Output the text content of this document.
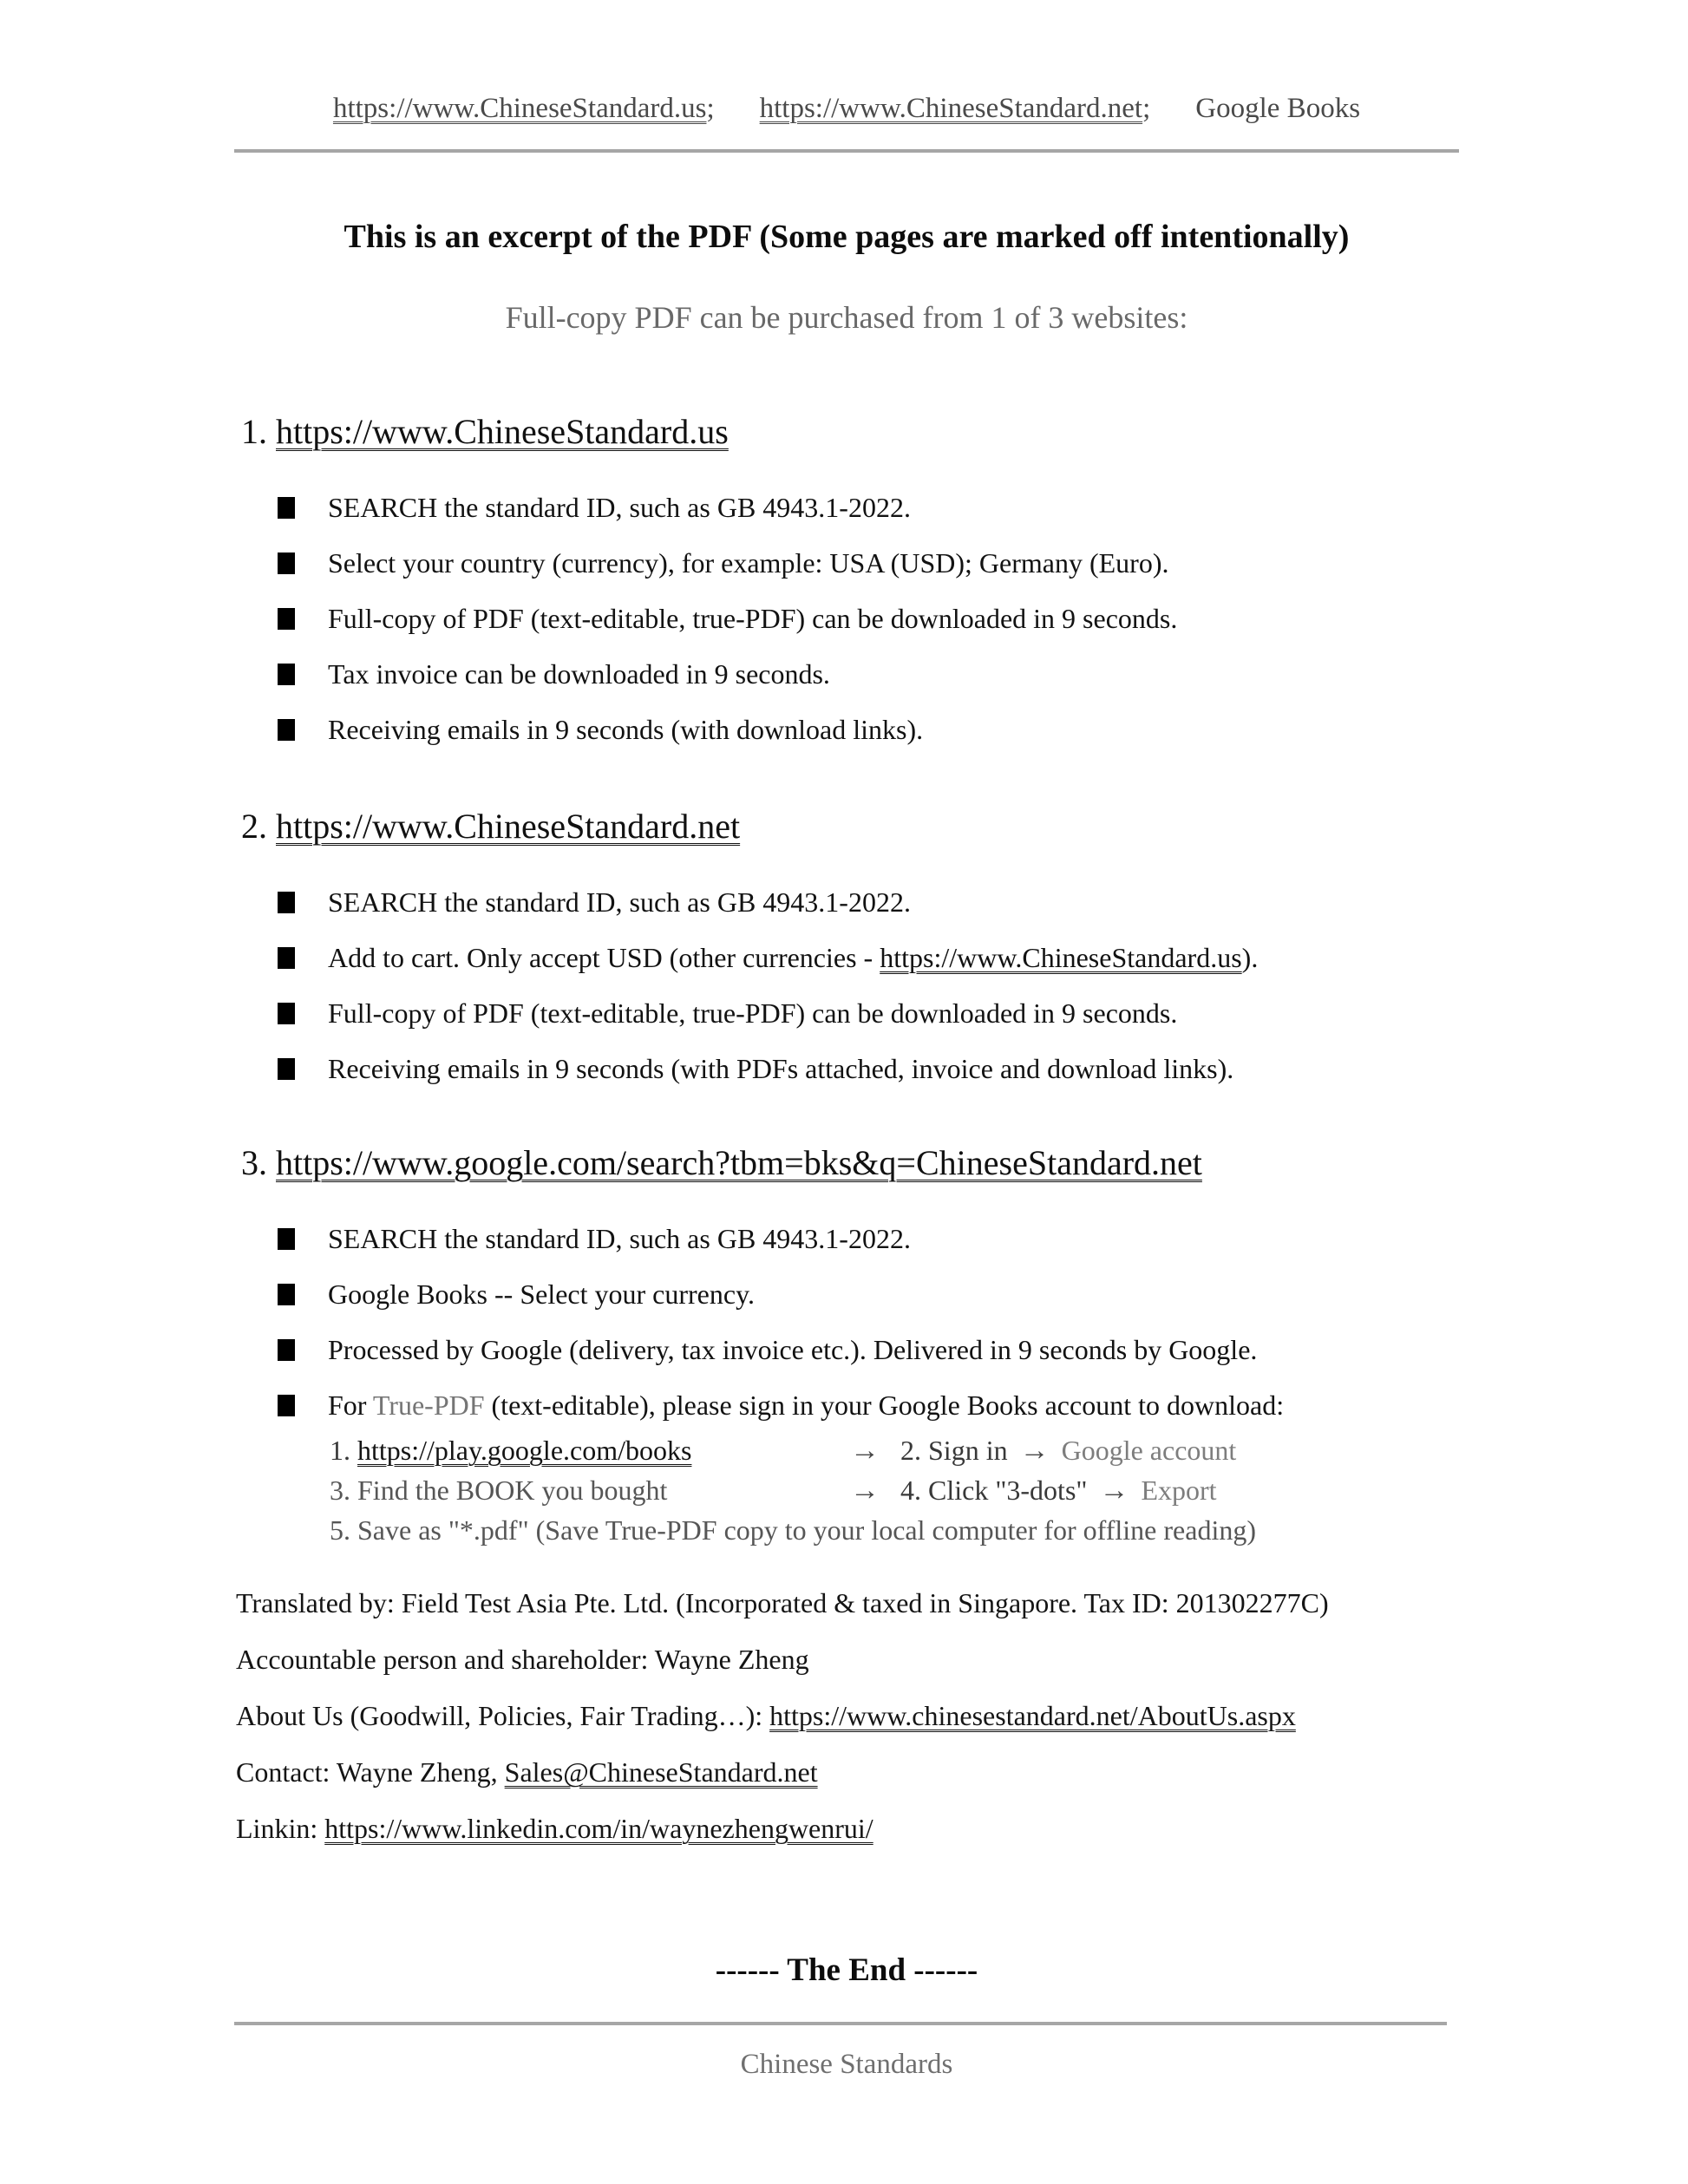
https://www.ChineseStandard.us; https://www.ChineseStandard.net; Google Books
This is an excerpt of the PDF (Some pages are marked off intentionally)
Full-copy PDF can be purchased from 1 of 3 websites:
1. https://www.ChineseStandard.us
SEARCH the standard ID, such as GB 4943.1-2022.
Select your country (currency), for example: USA (USD); Germany (Euro).
Full-copy of PDF (text-editable, true-PDF) can be downloaded in 9 seconds.
Tax invoice can be downloaded in 9 seconds.
Receiving emails in 9 seconds (with download links).
2. https://www.ChineseStandard.net
SEARCH the standard ID, such as GB 4943.1-2022.
Add to cart. Only accept USD (other currencies - https://www.ChineseStandard.us).
Full-copy of PDF (text-editable, true-PDF) can be downloaded in 9 seconds.
Receiving emails in 9 seconds (with PDFs attached, invoice and download links).
3. https://www.google.com/search?tbm=bks&q=ChineseStandard.net
SEARCH the standard ID, such as GB 4943.1-2022.
Google Books -- Select your currency.
Processed by Google (delivery, tax invoice etc.). Delivered in 9 seconds by Google.
For True-PDF (text-editable), please sign in your Google Books account to download:
1. https://play.google.com/books	→ 2. Sign in → Google account
3. Find the BOOK you bought	→ 4. Click "3-dots" → Export
5. Save as "*.pdf" (Save True-PDF copy to your local computer for offline reading)
Translated by: Field Test Asia Pte. Ltd. (Incorporated & taxed in Singapore. Tax ID: 201302277C)
Accountable person and shareholder: Wayne Zheng
About Us (Goodwill, Policies, Fair Trading…): https://www.chinesestandard.net/AboutUs.aspx
Contact: Wayne Zheng, Sales@ChineseStandard.net
Linkin: https://www.linkedin.com/in/waynezhengwenrui/
------ The End ------
Chinese Standards
